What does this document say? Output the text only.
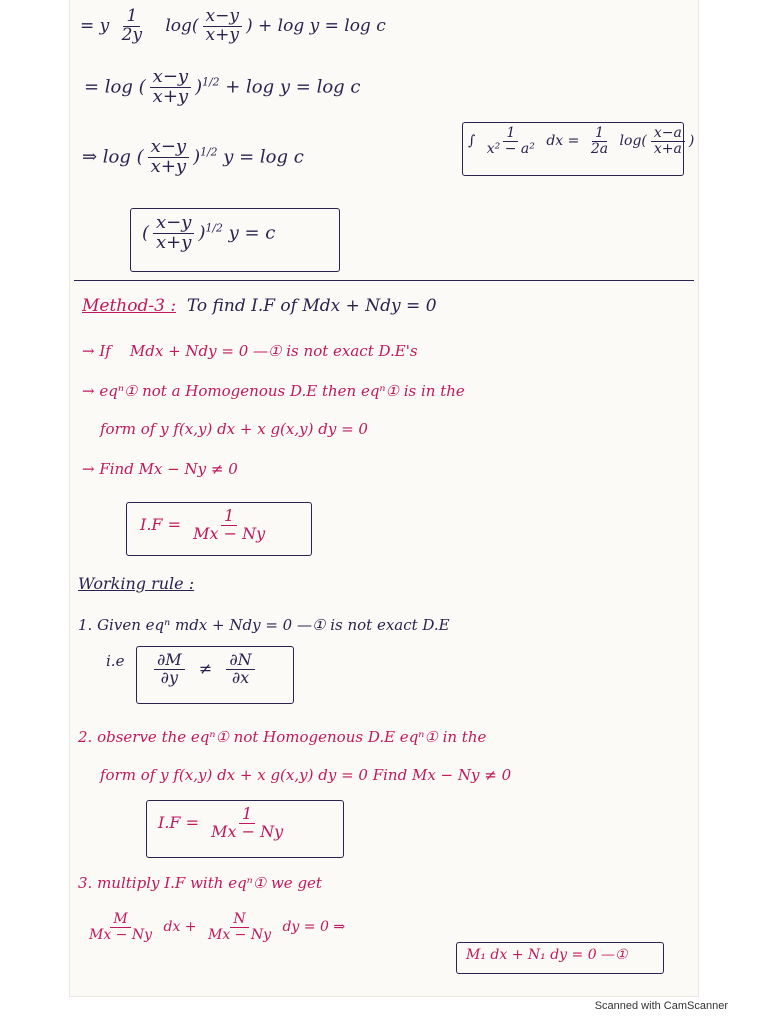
= y $\frac{1}{2y} \log( \frac{x-y}{x+y}$ ) + log y = log c
= log ( $\frac{x-y}{x+y} )^{1/2} + \log y = \log c$
⇒ log ( $\frac{x-y}{x+y} )^{1/2}$ y = log c
∫ $\frac{1}{\text{x² − a²}}$ dx = $\frac{1}{2a} \log( \frac{x-a}{x+a}$ )
( $\frac{x-y}{x+y} )^{1/2}$ y = c
Method-3 : To find I.F of Mdx + Ndy = 0
→ If Mdx + Ndy = 0 —① is not exact D.E's
→ eqⁿ① not a Homogenous D.E then eqⁿ① is in the
form of y f(x,y) dx + x g(x,y) dy = 0
→ Find Mx − Ny ≠ 0
$I.F = \frac{1}{Mx - Ny}$
Working rule :
1. Given eqⁿ mdx + Ndy = 0 —① is not exact D.E
$i.e \frac{\partial M}{\partial y} \ne \frac{\partial N}{\partial x}$
2. observe the eqⁿ① not Homogenous D.E eqⁿ① in the
form of y f(x,y) dx + x g(x,y) dy = 0 Find Mx − Ny ≠ 0
$I.F = \frac{1}{Mx - Ny}$
3. multiply I.F with eqⁿ① we get
$\frac{M}{Mx - Ny}$ dx + $\frac{N}{Mx - Ny}$ dy = 0 ⇒
M₁ dx + N₁ dy = 0 —①
Scanned with CamScanner
